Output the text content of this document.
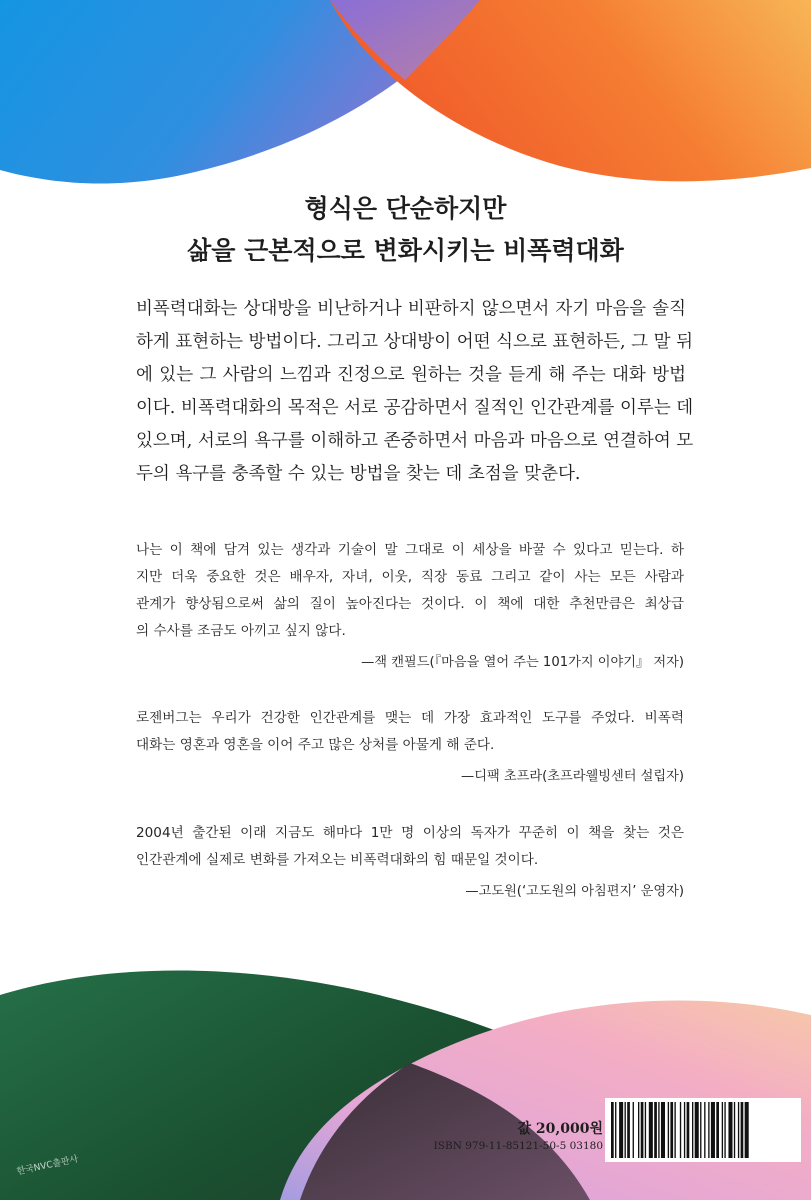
형식은 단순하지만
삶을 근본적으로 변화시키는 비폭력대화
비폭력대화는 상대방을 비난하거나 비판하지 않으면서 자기 마음을 솔직
하게 표현하는 방법이다. 그리고 상대방이 어떤 식으로 표현하든, 그 말 뒤
에 있는 그 사람의 느낌과 진정으로 원하는 것을 듣게 해 주는 대화 방법
이다. 비폭력대화의 목적은 서로 공감하면서 질적인 인간관계를 이루는 데
있으며, 서로의 욕구를 이해하고 존중하면서 마음과 마음으로 연결하여 모
두의 욕구를 충족할 수 있는 방법을 찾는 데 초점을 맞춘다.
나는 이 책에 담겨 있는 생각과 기술이 말 그대로 이 세상을 바꿀 수 있다고 믿는다. 하
지만 더욱 중요한 것은 배우자, 자녀, 이웃, 직장 동료 그리고 같이 사는 모든 사람과
관계가 향상됨으로써 삶의 질이 높아진다는 것이다. 이 책에 대한 추천만큼은 최상급
의 수사를 조금도 아끼고 싶지 않다.
—잭 캔필드(『마음을 열어 주는 101가지 이야기』 저자)
로젠버그는 우리가 건강한 인간관계를 맺는 데 가장 효과적인 도구를 주었다. 비폭력
대화는 영혼과 영혼을 이어 주고 많은 상처를 아물게 해 준다.
—디팩 초프라(초프라웰빙센터 설립자)
2004년 출간된 이래 지금도 해마다 1만 명 이상의 독자가 꾸준히 이 책을 찾는 것은
인간관계에 실제로 변화를 가져오는 비폭력대화의 힘 때문일 것이다.
—고도원(‘고도원의 아침편지’ 운영자)
값 20,000원
ISBN 979-11-85121-50-5 03180
한국NVC출판사
